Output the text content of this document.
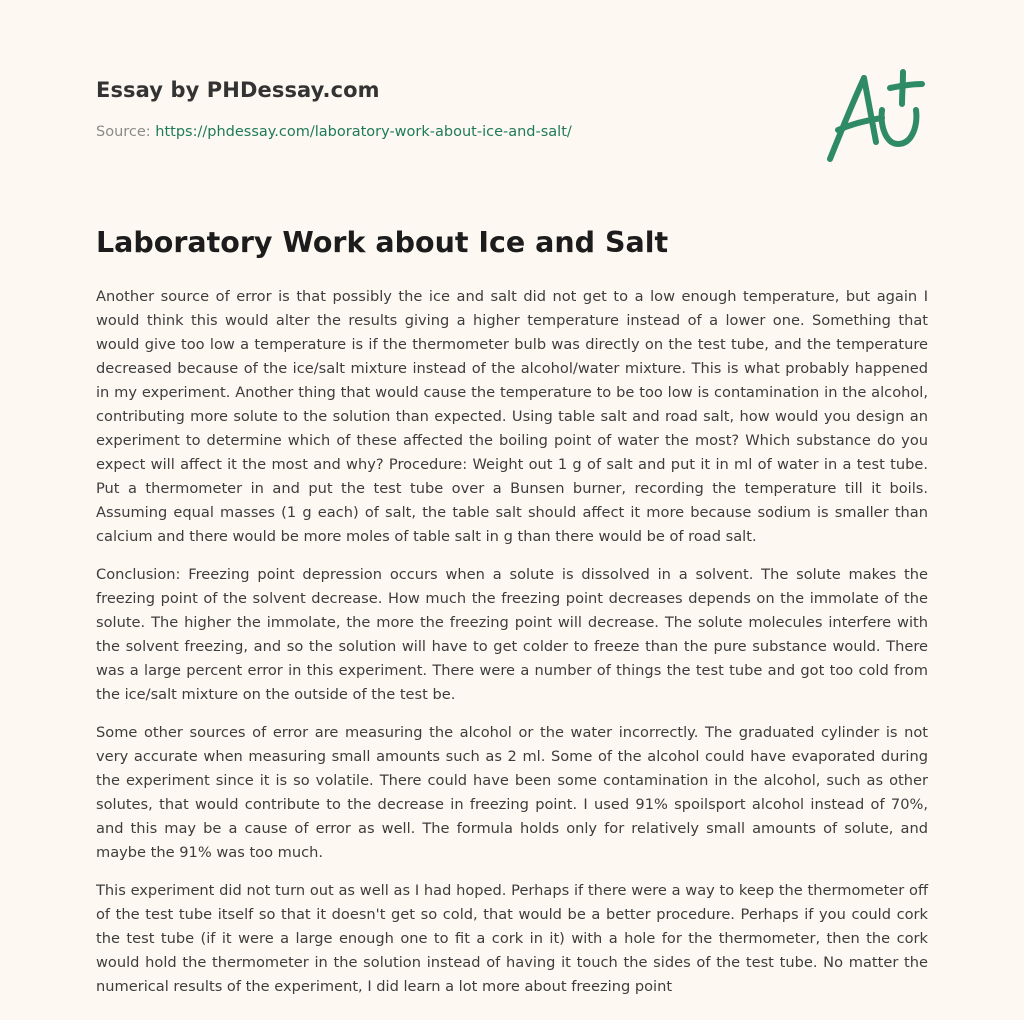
Essay by PHDessay.com
Source: https://phdessay.com/laboratory-work-about-ice-and-salt/
Laboratory Work about Ice and Salt

Another source of error is that possibly the ice and salt did not get to a low enough temperature, but again I would think this would alter the results giving a higher temperature instead of a lower one. Something that would give too low a temperature is if the thermometer bulb was directly on the test tube, and the temperature decreased because of the ice/salt mixture instead of the alcohol/water mixture. This is what probably happened in my experiment. Another thing that would cause the temperature to be too low is contamination in the alcohol, contributing more solute to the solution than expected. Using table salt and road salt, how would you design an experiment to determine which of these affected the boiling point of water the most? Which substance do you expect will affect it the most and why? Procedure: Weight out 1 g of salt and put it in ml of water in a test tube. Put a thermometer in and put the test tube over a Bunsen burner, recording the temperature till it boils. Assuming equal masses (1 g each) of salt, the table salt should affect it more because sodium is smaller than calcium and there would be more moles of table salt in g than there would be of road salt.

Conclusion: Freezing point depression occurs when a solute is dissolved in a solvent. The solute makes the freezing point of the solvent decrease. How much the freezing point decreases depends on the immolate of the solute. The higher the immolate, the more the freezing point will decrease. The solute molecules interfere with the solvent freezing, and so the solution will have to get colder to freeze than the pure substance would. There was a large percent error in this experiment. There were a number of things the test tube and got too cold from the ice/salt mixture on the outside of the test be.

Some other sources of error are measuring the alcohol or the water incorrectly. The graduated cylinder is not very accurate when measuring small amounts such as 2 ml. Some of the alcohol could have evaporated during the experiment since it is so volatile. There could have been some contamination in the alcohol, such as other solutes, that would contribute to the decrease in freezing point. I used 91% spoilsport alcohol instead of 70%, and this may be a cause of error as well. The formula holds only for relatively small amounts of solute, and maybe the 91% was too much.

This experiment did not turn out as well as I had hoped. Perhaps if there were a way to keep the thermometer off of the test tube itself so that it doesn't get so cold, that would be a better procedure. Perhaps if you could cork the test tube (if it were a large enough one to fit a cork in it) with a hole for the thermometer, then the cork would hold the thermometer in the solution instead of having it touch the sides of the test tube. No matter the numerical results of the experiment, I did learn a lot more about freezing point
